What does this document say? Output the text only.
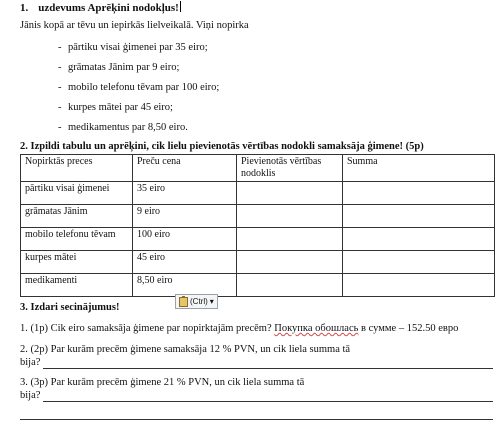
1. uzdevums Aprēķini nodokļus!
Jānis kopā ar tēvu un iepirkās lielveikalā. Viņi nopirka
- pārtiku visai ģimenei par 35 eiro;
- grāmatas Jānim par 9 eiro;
- mobilo telefonu tēvam par 100 eiro;
- kurpes mātei par 45 eiro;
- medikamentus par 8,50 eiro.
2. Izpildi tabulu un aprēķini, cik lielu pievienotās vērtības nodokli samaksāja ģimene! (5p)
Nopirktās preces	Preču cena	Pievienotās vērtības nodoklis	Summa
pārtiku visai ģimenei	35 eiro		
grāmatas Jānim	9 eiro		
mobilo telefonu tēvam	100 eiro		
kurpes mātei	45 eiro		
medikamenti	8,50 eiro		
(Ctrl) ▾
3. Izdari secinājumus!
1. (1p) Cik eiro samaksāja ģimene par nopirktajām precēm? Покупка обошлась в сумме – 152.50 евро
2. (2p) Par kurām precēm ģimene samaksāja 12 % PVN, un cik liela summa tā
bija?
3. (3p) Par kurām precēm ģimene 21 % PVN, un cik liela summa tā
bija?
